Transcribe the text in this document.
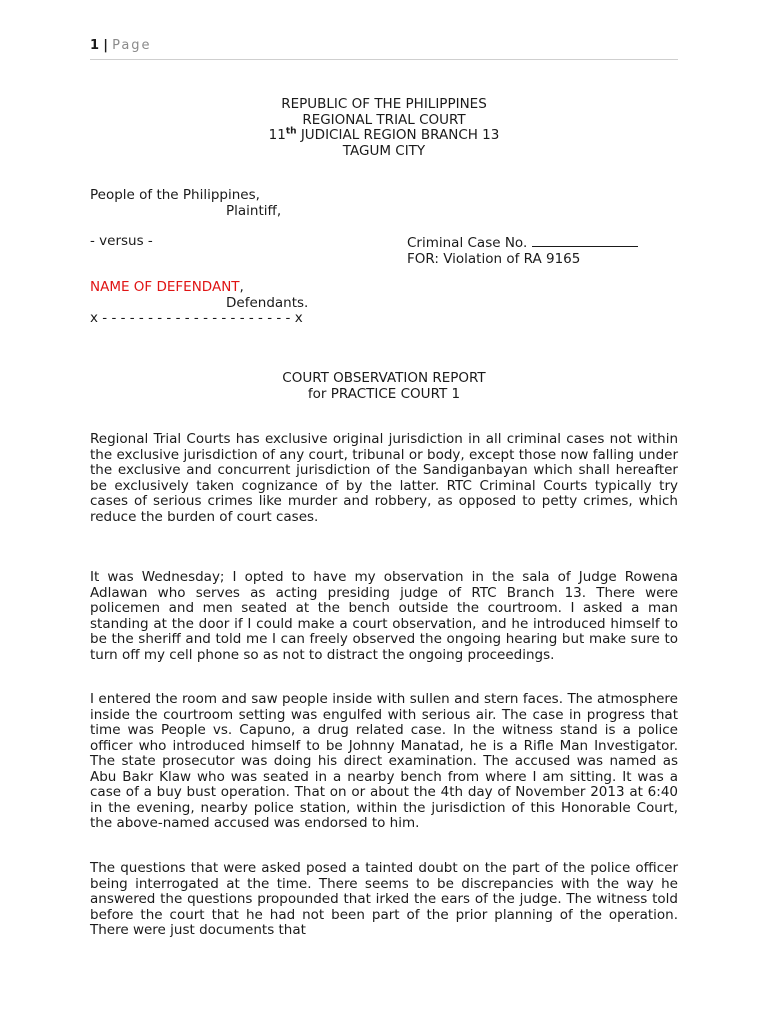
1 | Page
REPUBLIC OF THE PHILIPPINES
REGIONAL TRIAL COURT
11th JUDICIAL REGION BRANCH 13
TAGUM CITY
People of the Philippines,
Plaintiff,
- versus -	Criminal Case No.
FOR: Violation of RA 9165
NAME OF DEFENDANT,
Defendants.
x - - - - - - - - - - - - - - - - - - - - - x
COURT OBSERVATION REPORT
for PRACTICE COURT 1

Regional Trial Courts has exclusive original jurisdiction in all criminal cases not within the exclusive jurisdiction of any court, tribunal or body, except those now falling under the exclusive and concurrent jurisdiction of the Sandiganbayan which shall hereafter be exclusively taken cognizance of by the latter. RTC Criminal Courts typically try cases of serious crimes like murder and robbery, as opposed to petty crimes, which reduce the burden of court cases.

It was Wednesday; I opted to have my observation in the sala of Judge Rowena Adlawan who serves as acting presiding judge of RTC Branch 13. There were policemen and men seated at the bench outside the courtroom. I asked a man standing at the door if I could make a court observation, and he introduced himself to be the sheriff and told me I can freely observed the ongoing hearing but make sure to turn off my cell phone so as not to distract the ongoing proceedings.

I entered the room and saw people inside with sullen and stern faces. The atmosphere inside the courtroom setting was engulfed with serious air. The case in progress that time was People vs. Capuno, a drug related case. In the witness stand is a police officer who introduced himself to be Johnny Manatad, he is a Rifle Man Investigator. The state prosecutor was doing his direct examination. The accused was named as Abu Bakr Klaw who was seated in a nearby bench from where I am sitting. It was a case of a buy bust operation. That on or about the 4th day of November 2013 at 6:40 in the evening, nearby police station, within the jurisdiction of this Honorable Court, the above-named accused was endorsed to him.

The questions that were asked posed a tainted doubt on the part of the police officer being interrogated at the time. There seems to be discrepancies with the way he answered the questions propounded that irked the ears of the judge. The witness told before the court that he had not been part of the prior planning of the operation. There were just documents that
